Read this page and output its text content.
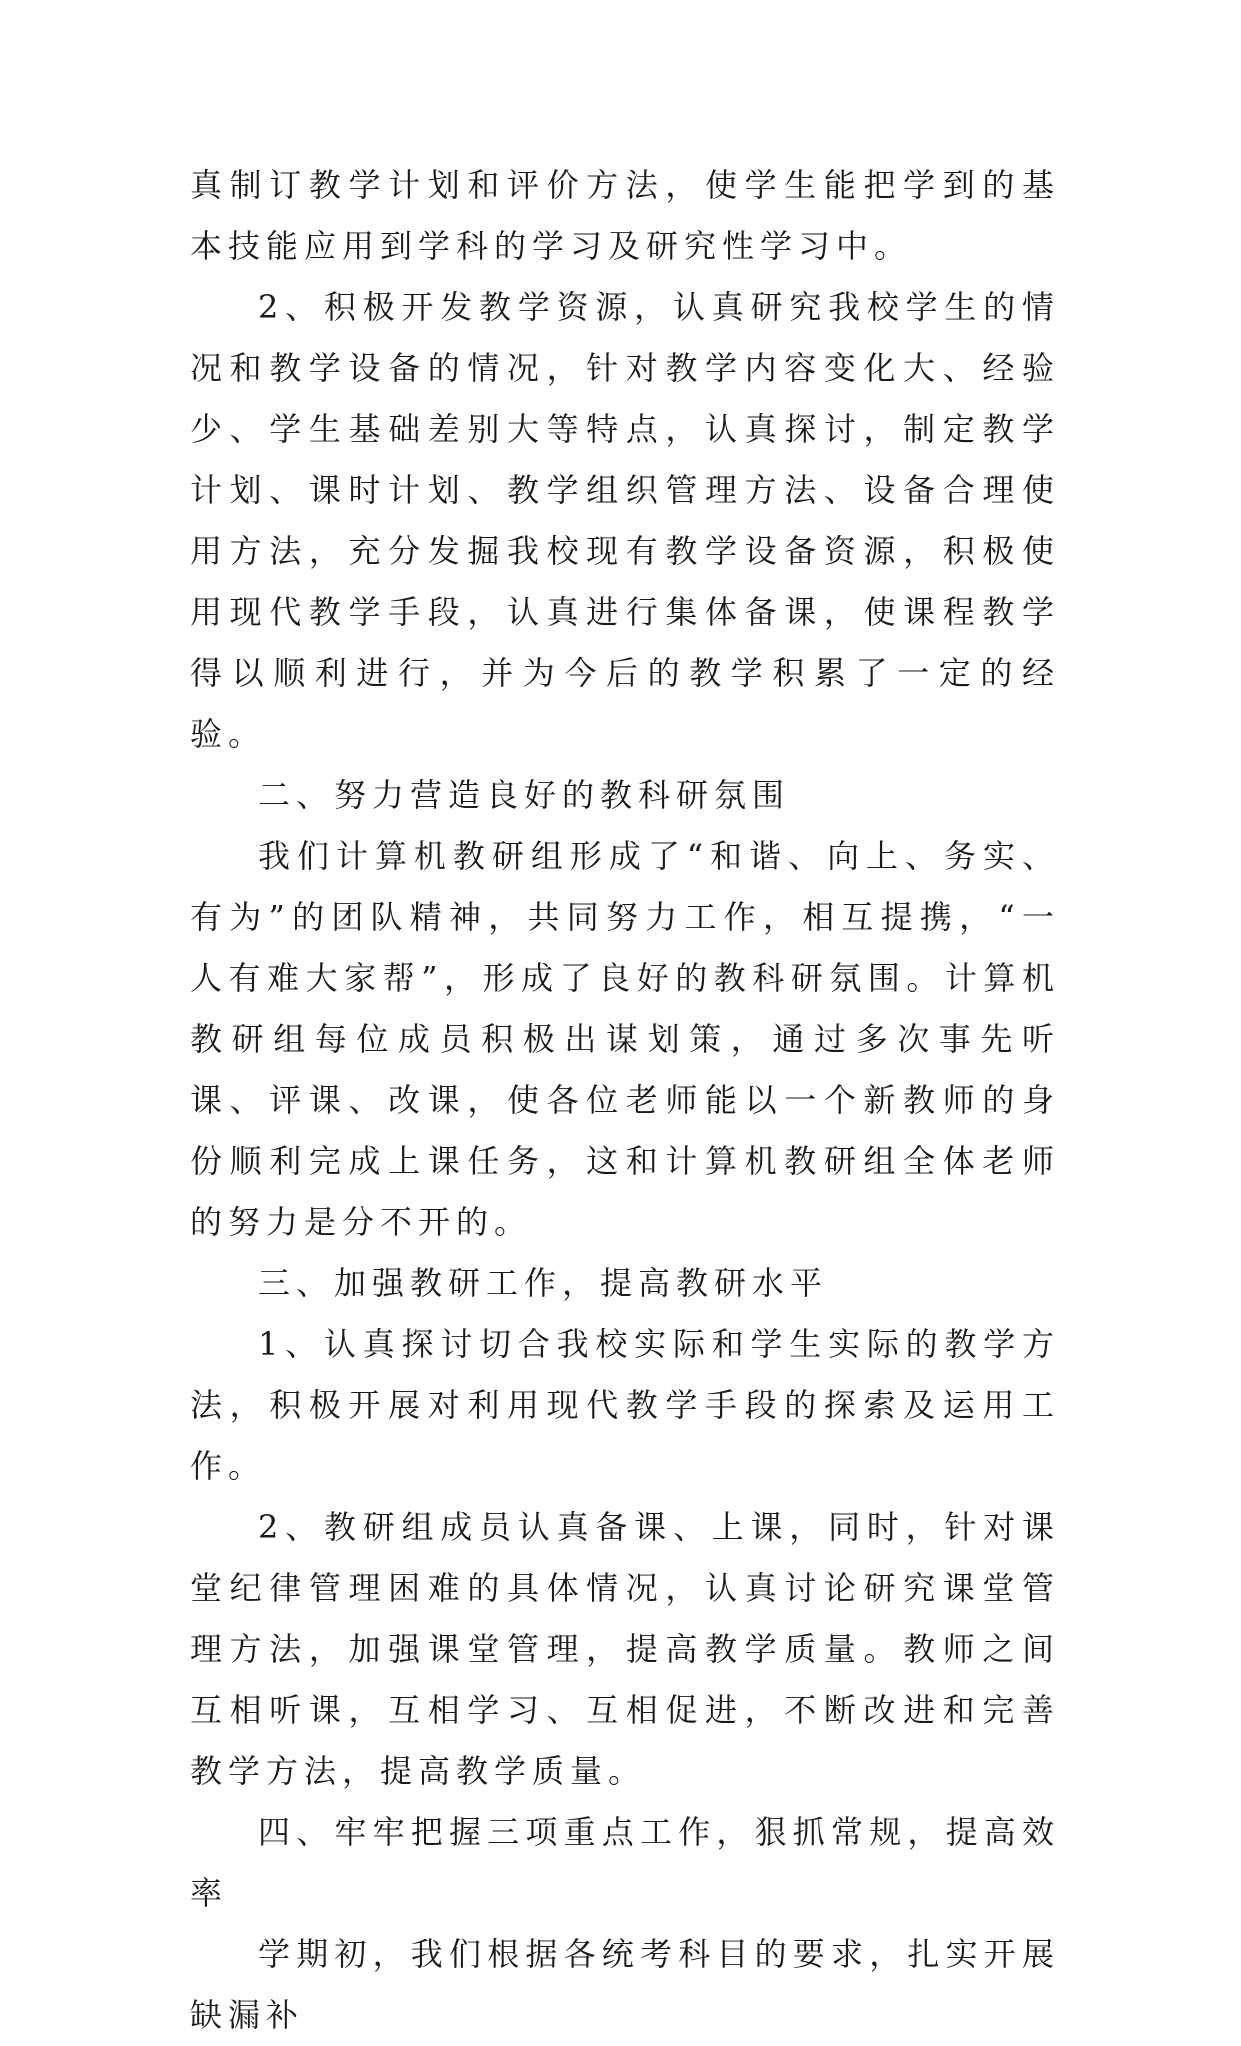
真制订教学计划和评价方法，使学生能把学到的基本技能应用到学科的学习及研究性学习中。

2、积极开发教学资源，认真研究我校学生的情况和教学设备的情况，针对教学内容变化大、经验少、学生基础差别大等特点，认真探讨，制定教学计划、课时计划、教学组织管理方法、设备合理使用方法，充分发掘我校现有教学设备资源，积极使用现代教学手段，认真进行集体备课，使课程教学得以顺利进行，并为今后的教学积累了一定的经验。

二、努力营造良好的教科研氛围

我们计算机教研组形成了“和谐、向上、务实、有为”的团队精神，共同努力工作，相互提携，“一人有难大家帮”，形成了良好的教科研氛围。计算机教研组每位成员积极出谋划策，通过多次事先听课、评课、改课，使各位老师能以一个新教师的身份顺利完成上课任务，这和计算机教研组全体老师的努力是分不开的。

三、加强教研工作，提高教研水平

1、认真探讨切合我校实际和学生实际的教学方法，积极开展对利用现代教学手段的探索及运用工作。

2、教研组成员认真备课、上课，同时，针对课堂纪律管理困难的具体情况，认真讨论研究课堂管理方法，加强课堂管理，提高教学质量。教师之间互相听课，互相学习、互相促进，不断改进和完善教学方法，提高教学质量。

四、牢牢把握三项重点工作，狠抓常规，提高效率

学期初，我们根据各统考科目的要求，扎实开展缺漏补
